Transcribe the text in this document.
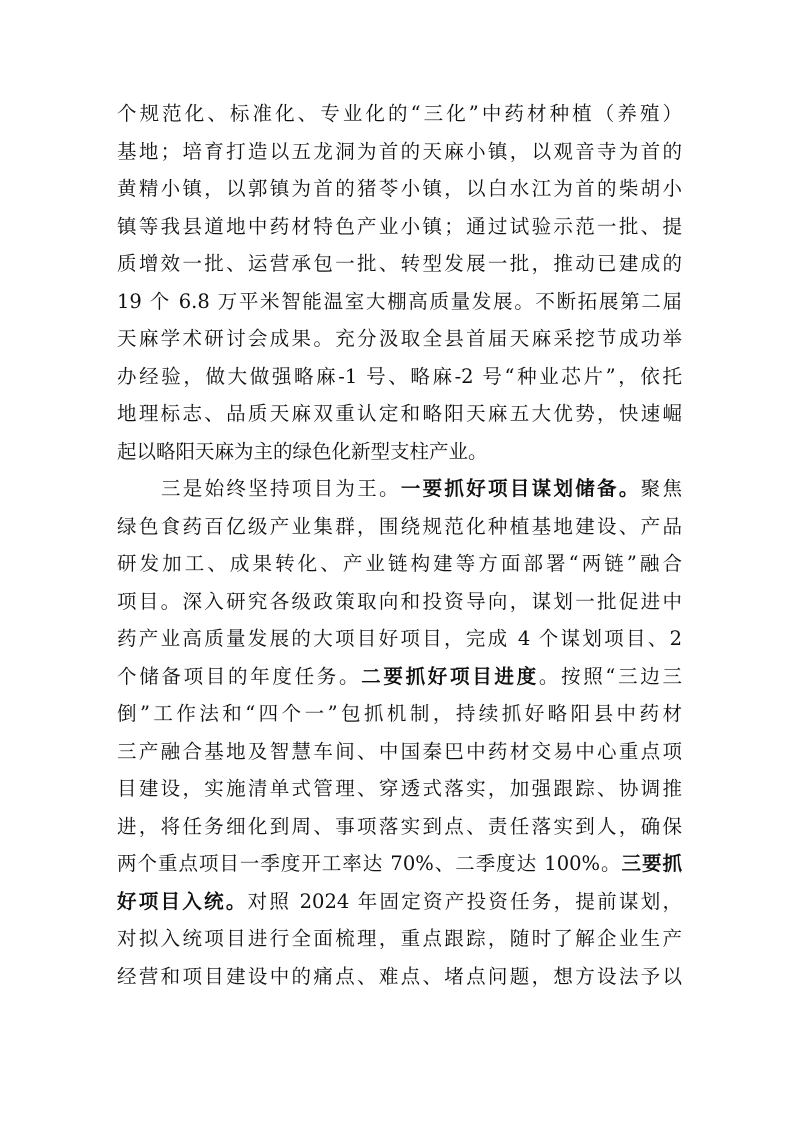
个规范化、标准化、专业化的“三化”中药材种植（养殖）
基地；培育打造以五龙洞为首的天麻小镇，以观音寺为首的
黄精小镇，以郭镇为首的猪苓小镇，以白水江为首的柴胡小
镇等我县道地中药材特色产业小镇；通过试验示范一批、提
质增效一批、运营承包一批、转型发展一批，推动已建成的
19 个 6.8 万平米智能温室大棚高质量发展。不断拓展第二届
天麻学术研讨会成果。充分汲取全县首届天麻采挖节成功举
办经验，做大做强略麻-1 号、略麻-2 号“种业芯片”，依托
地理标志、品质天麻双重认定和略阳天麻五大优势，快速崛
起以略阳天麻为主的绿色化新型支柱产业。
三是始终坚持项目为王。一要抓好项目谋划储备。聚焦
绿色食药百亿级产业集群，围绕规范化种植基地建设、产品
研发加工、成果转化、产业链构建等方面部署“两链”融合
项目。深入研究各级政策取向和投资导向，谋划一批促进中
药产业高质量发展的大项目好项目，完成 4 个谋划项目、2
个储备项目的年度任务。二要抓好项目进度。按照“三边三
倒”工作法和“四个一”包抓机制，持续抓好略阳县中药材
三产融合基地及智慧车间、中国秦巴中药材交易中心重点项
目建设，实施清单式管理、穿透式落实，加强跟踪、协调推
进，将任务细化到周、事项落实到点、责任落实到人，确保
两个重点项目一季度开工率达 70%、二季度达 100%。三要抓
好项目入统。对照 2024 年固定资产投资任务，提前谋划，
对拟入统项目进行全面梳理，重点跟踪，随时了解企业生产
经营和项目建设中的痛点、难点、堵点问题，想方设法予以
